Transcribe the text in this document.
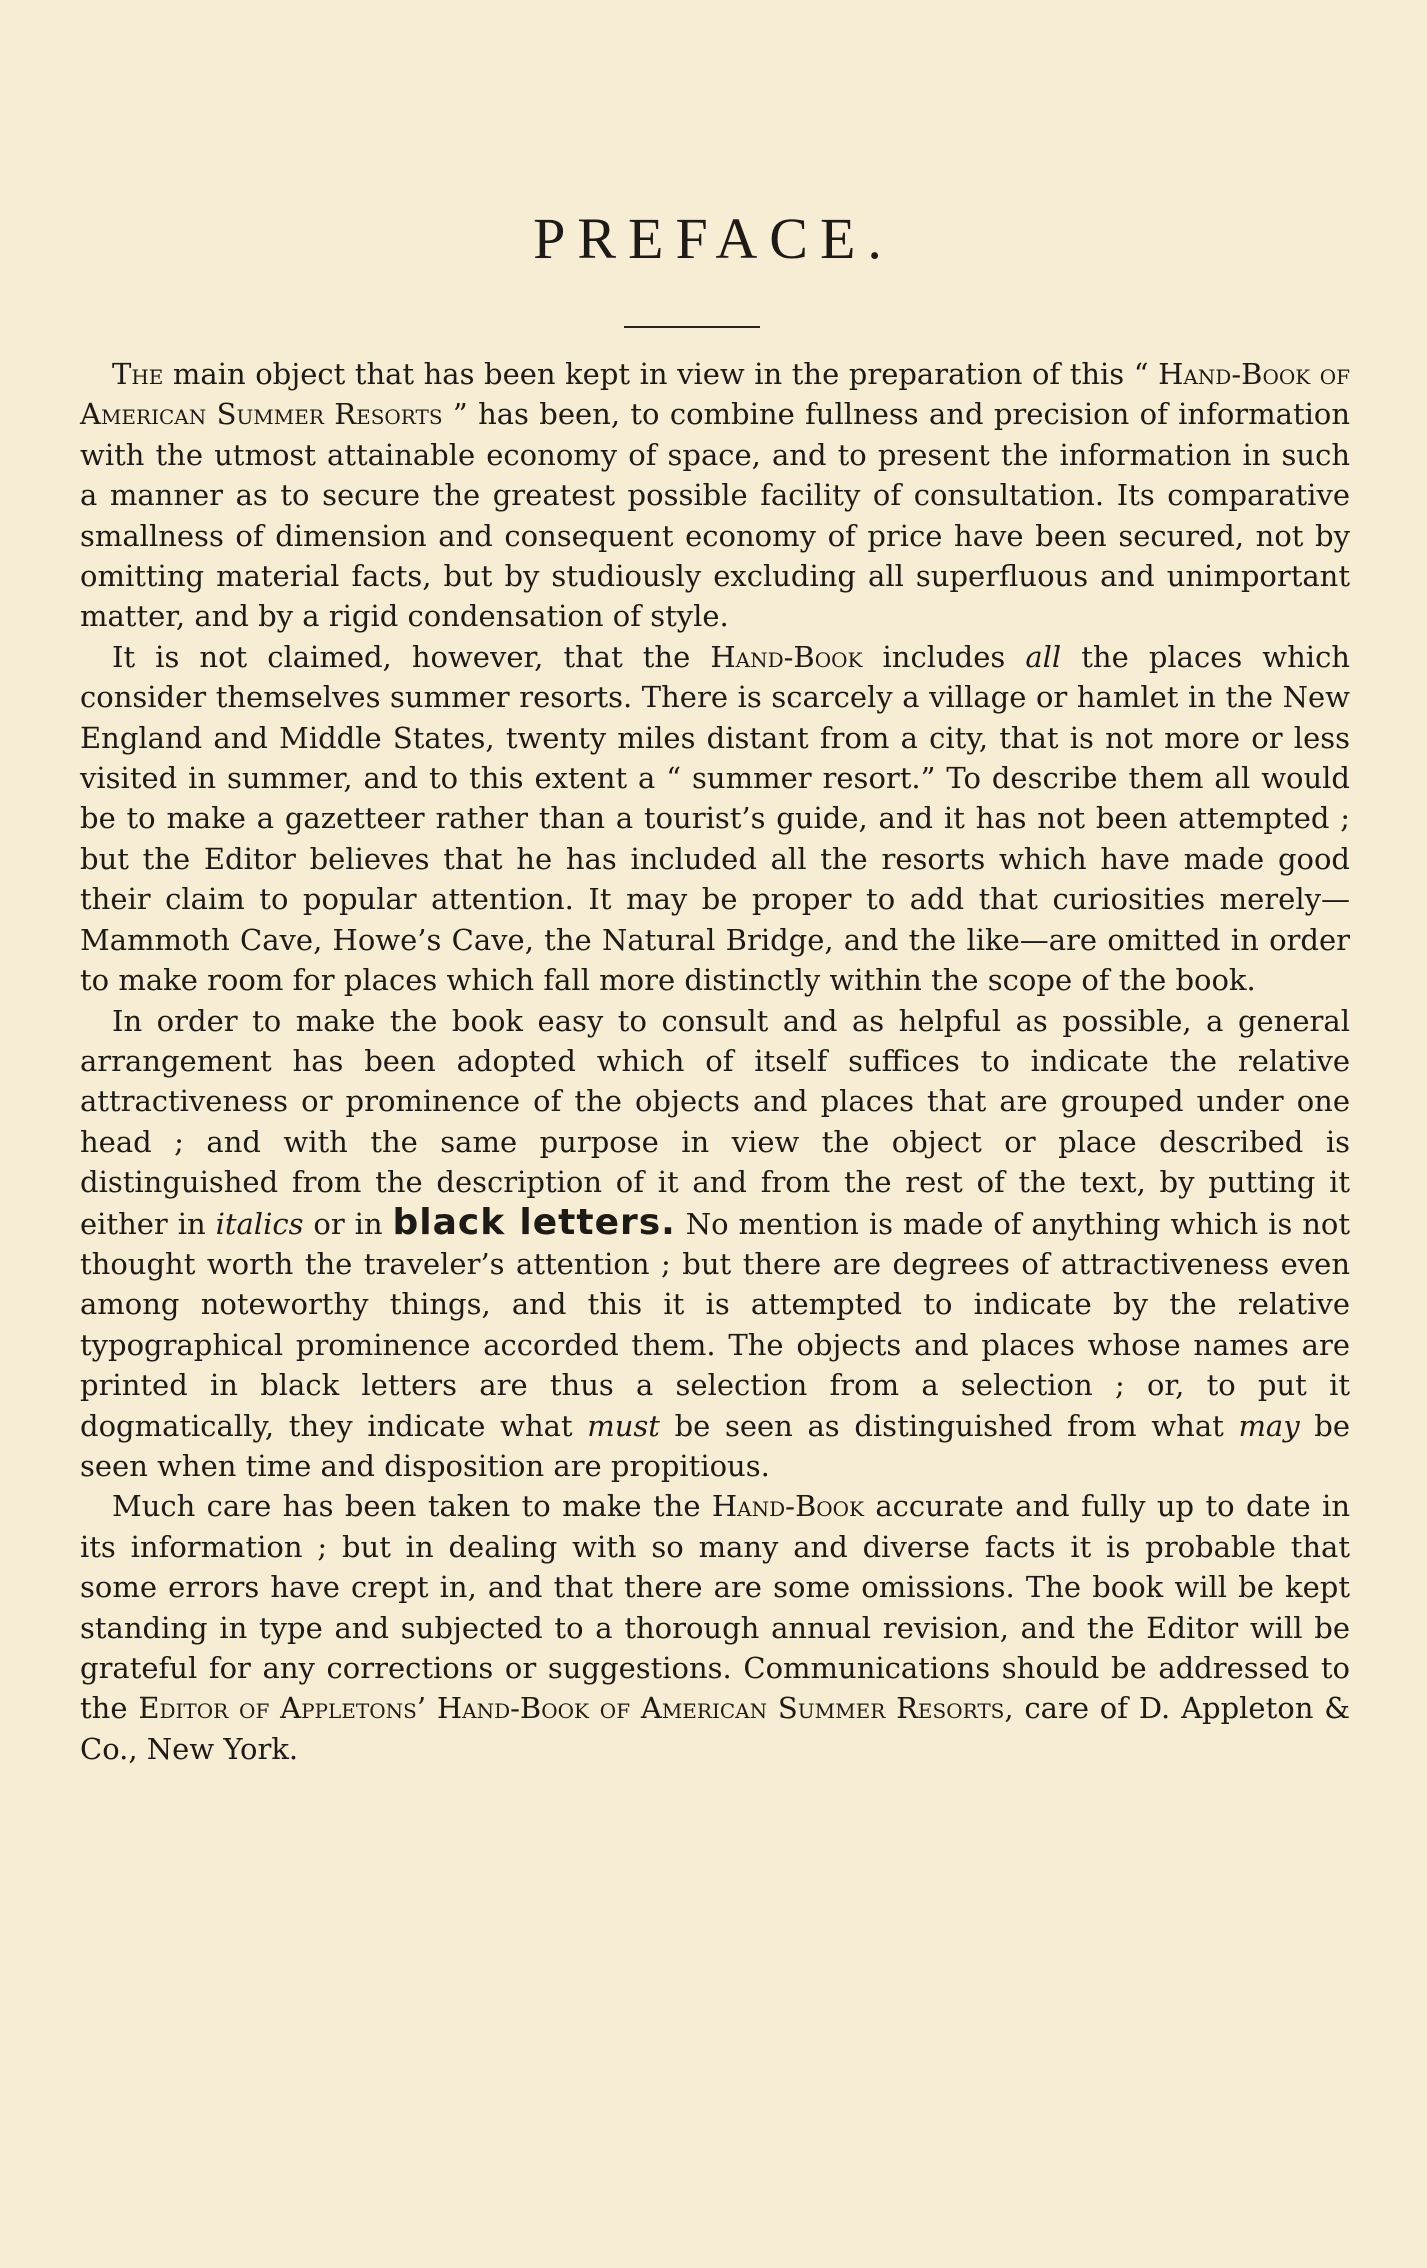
PREFACE.

The main object that has been kept in view in the preparation of this “ Hand-Book of American Summer Resorts ” has been, to combine fullness and precision of information with the utmost attainable economy of space, and to present the information in such a manner as to secure the greatest possible facility of consultation. Its comparative smallness of dimension and consequent economy of price have been secured, not by omitting material facts, but by studiously excluding all superfluous and unimportant matter, and by a rigid condensation of style.

It is not claimed, however, that the Hand-Book includes all the places which consider themselves summer resorts. There is scarcely a village or hamlet in the New England and Middle States, twenty miles distant from a city, that is not more or less visited in summer, and to this extent a “ summer resort.” To describe them all would be to make a gazetteer rather than a tourist’s guide, and it has not been attempted ; but the Editor believes that he has included all the resorts which have made good their claim to popular attention. It may be proper to add that curiosities merely—Mammoth Cave, Howe’s Cave, the Natural Bridge, and the like—are omitted in order to make room for places which fall more distinctly within the scope of the book.

In order to make the book easy to consult and as helpful as possible, a general arrangement has been adopted which of itself suffices to indicate the relative attractiveness or prominence of the objects and places that are grouped under one head ; and with the same purpose in view the object or place described is distinguished from the description of it and from the rest of the text, by putting it either in italics or in black letters. No mention is made of anything which is not thought worth the traveler’s attention ; but there are degrees of attractiveness even among noteworthy things, and this it is attempted to indicate by the relative typographical prominence accorded them. The objects and places whose names are printed in black letters are thus a selection from a selection ; or, to put it dogmatically, they indicate what must be seen as distinguished from what may be seen when time and disposition are propitious.

Much care has been taken to make the Hand-Book accurate and fully up to date in its information ; but in dealing with so many and diverse facts it is probable that some errors have crept in, and that there are some omissions. The book will be kept standing in type and subjected to a thorough annual revision, and the Editor will be grateful for any corrections or suggestions. Communications should be addressed to the Editor of Appletons’ Hand-Book of American Summer Resorts, care of D. Appleton & Co., New York.
